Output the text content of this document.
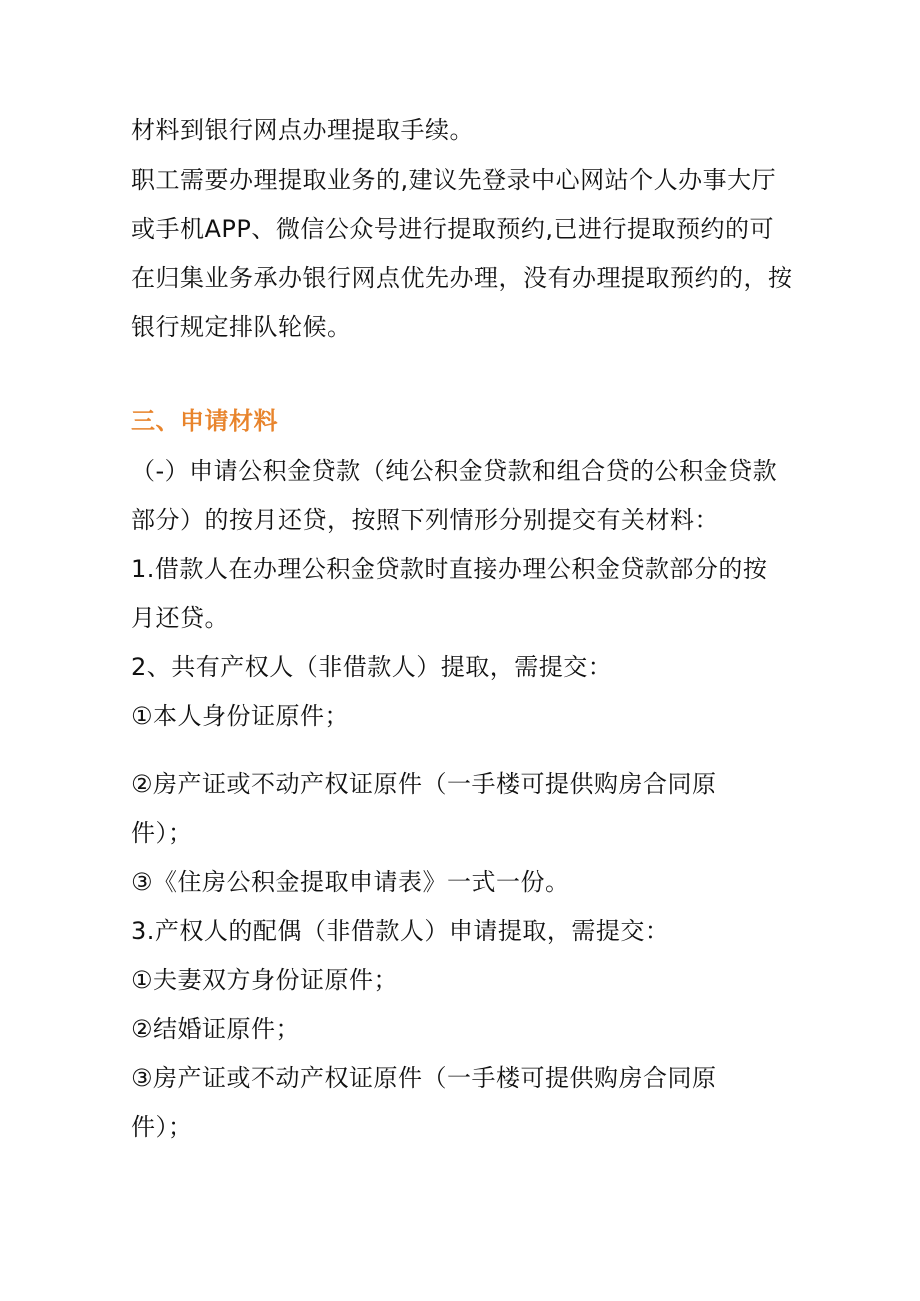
材料到银行网点办理提取手续。
职工需要办理提取业务的,建议先登录中心网站个人办事大厅
或手机APP、微信公众号进行提取预约,已进行提取预约的可
在归集业务承办银行网点优先办理，没有办理提取预约的，按
银行规定排队轮候。
三、申请材料
（-）申请公积金贷款（纯公积金贷款和组合贷的公积金贷款
部分）的按月还贷，按照下列情形分别提交有关材料：
1.借款人在办理公积金贷款时直接办理公积金贷款部分的按
月还贷。
2、共有产权人（非借款人）提取，需提交：
①本人身份证原件；
②房产证或不动产权证原件（一手楼可提供购房合同原
件）；
③《住房公积金提取申请表》一式一份。
3.产权人的配偶（非借款人）申请提取，需提交：
①夫妻双方身份证原件；
②结婚证原件；
③房产证或不动产权证原件（一手楼可提供购房合同原
件）；
